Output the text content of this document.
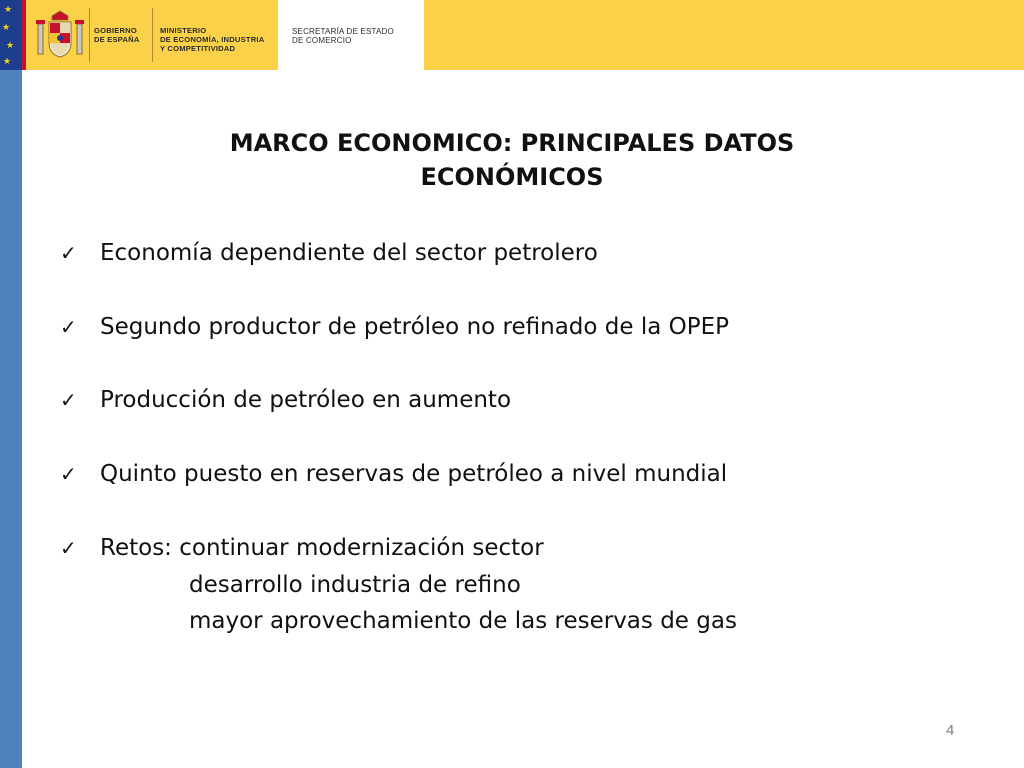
★
★
★
★
GOBIERNO
DE ESPAÑA
MINISTERIO
DE ECONOMÍA, INDUSTRIA
Y COMPETITIVIDAD
SECRETARÍA DE ESTADO
DE COMERCIO
MARCO ECONOMICO: PRINCIPALES DATOS
ECONÓMICOS
✓ Economía dependiente del sector petrolero
✓ Segundo productor de petróleo no refinado de la OPEP
✓ Producción de petróleo en aumento
✓ Quinto puesto en reservas de petróleo a nivel mundial
✓ Retos: continuar modernización sector
desarrollo industria de refino
mayor aprovechamiento de las reservas de gas
4
